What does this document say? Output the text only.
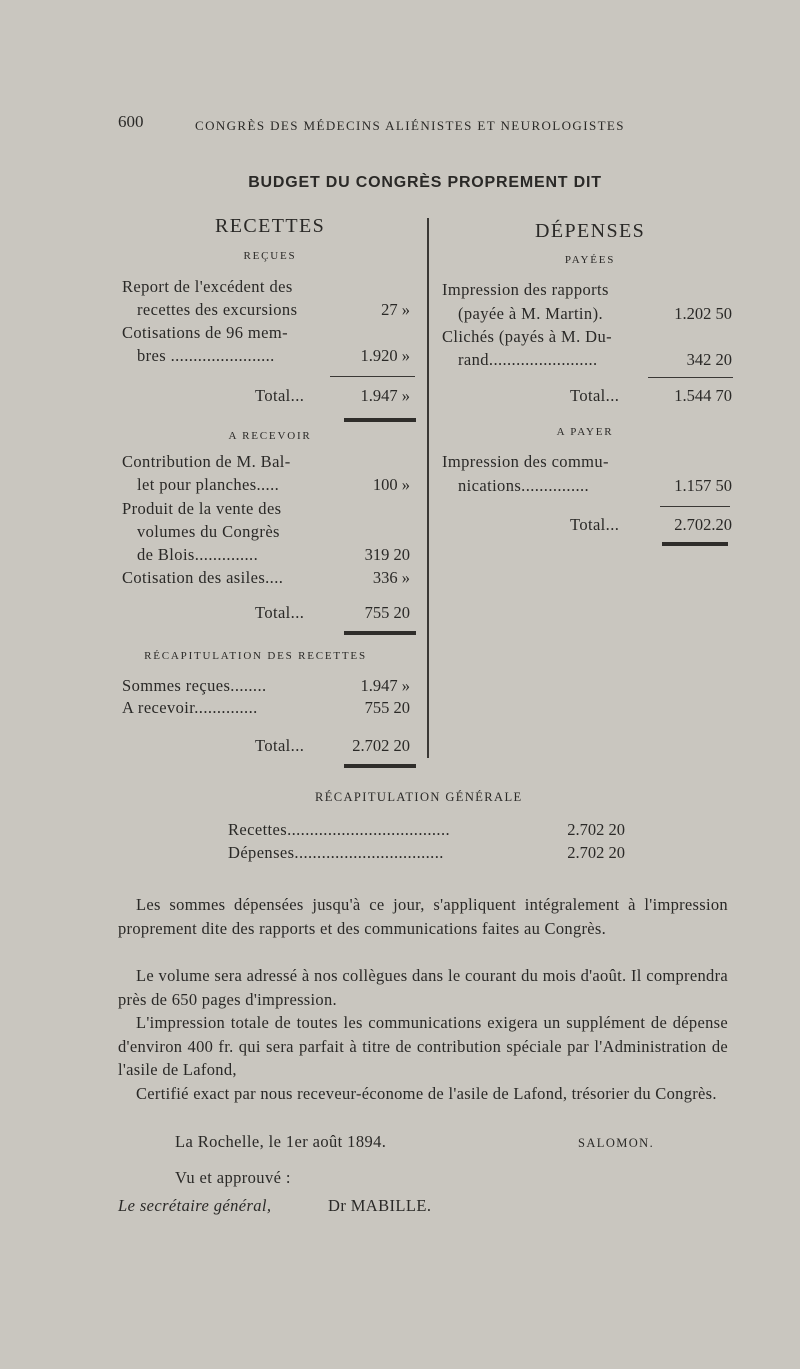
600	CONGRÈS DES MÉDECINS ALIÉNISTES ET NEUROLOGISTES
BUDGET DU CONGRÈS PROPREMENT DIT
RECETTES
REÇUES
Report de l'excédent des
recettes des excursions	27 »
Cotisations de 96 mem-
bres .......................	1.920 »
Total...	1.947 »
A RECEVOIR
Contribution de M. Bal-
let pour planches.....	100 »
Produit de la vente des
volumes du Congrès
de Blois..............	319 20
Cotisation des asiles....	336 »
Total...	755 20
RÉCAPITULATION DES RECETTES
Sommes reçues........	1.947 »
A recevoir..............	755 20
Total...	2.702 20
DÉPENSES
PAYÉES
Impression des rapports
(payée à M. Martin).	1.202 50
Clichés (payés à M. Du-
rand........................	342 20
Total...	1.544 70
A PAYER
Impression des commu-
nications...............	1.157 50
Total...	2.702.20
RÉCAPITULATION GÉNÉRALE
Recettes....................................	2.702 20
Dépenses.................................	2.702 20
Les sommes dépensées jusqu'à ce jour, s'appliquent intégralement à l'impression proprement dite des rapports et des communications faites au Congrès.
Le volume sera adressé à nos collègues dans le courant du mois d'août. Il comprendra près de 650 pages d'impression.
L'impression totale de toutes les communications exigera un supplément de dépense d'environ 400 fr. qui sera parfait à titre de contribution spéciale par l'Administration de l'asile de Lafond,
Certifié exact par nous receveur-économe de l'asile de Lafond, trésorier du Congrès.
La Rochelle, le 1er août 1894.	SALOMON.
Vu et approuvé :
Le secrétaire général,	Dr MABILLE.
